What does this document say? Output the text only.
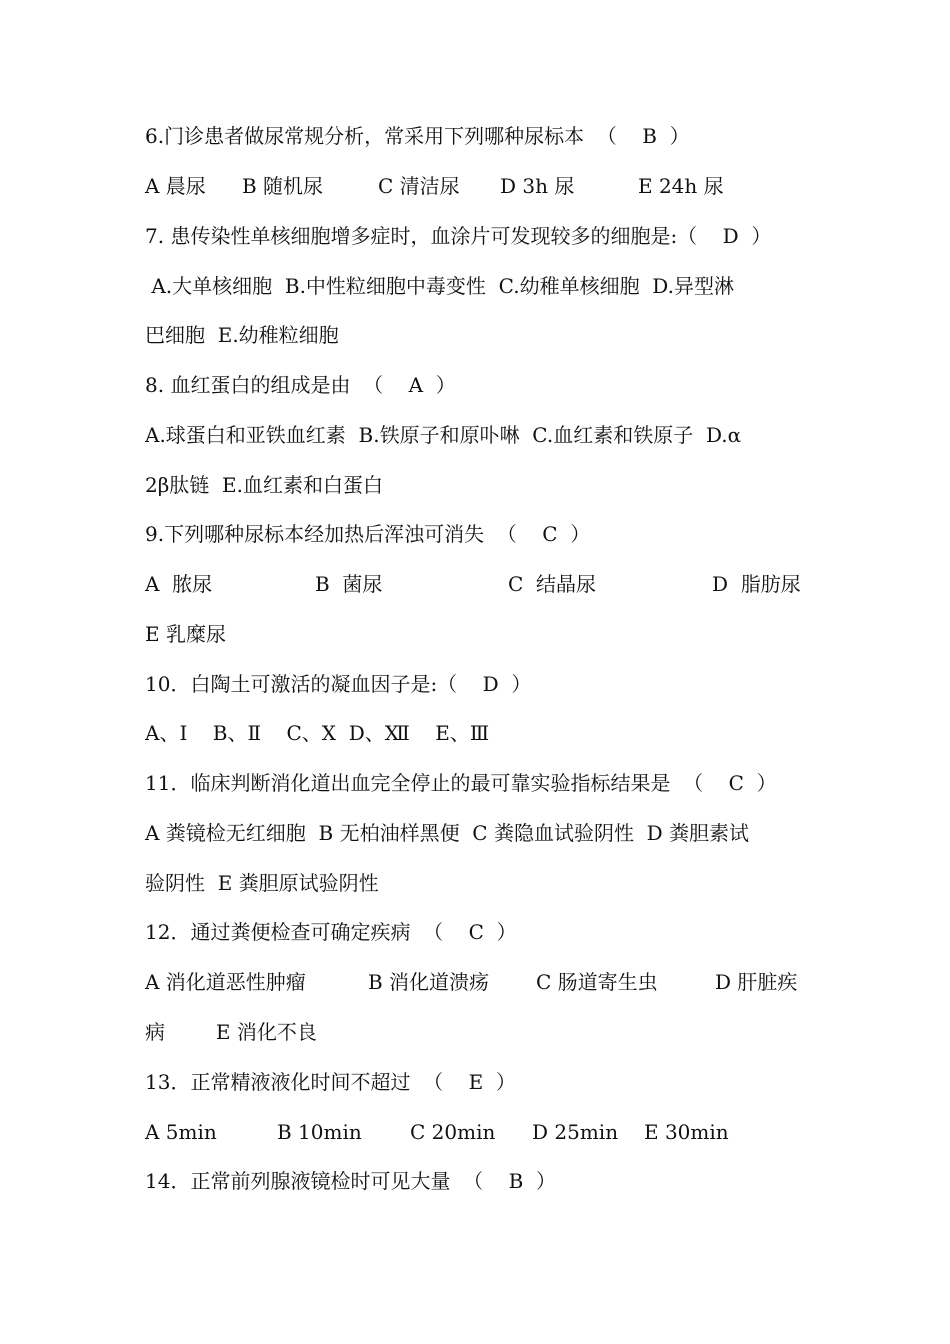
6.门诊患者做尿常规分析，常采用下列哪种尿标本  （    B  ）
A 晨尿 B 随机尿	C 清洁尿 D 3h 尿	E 24h 尿
7. 患传染性单核细胞增多症时，血涂片可发现较多的细胞是:（    D  ）
A.大单核细胞  B.中性粒细胞中毒变性  C.幼稚单核细胞  D.异型淋
巴细胞  E.幼稚粒细胞
8. 血红蛋白的组成是由  （    A  ）
A.球蛋白和亚铁血红素  B.铁原子和原卟啉  C.血红素和铁原子  D.α
2β肽链  E.血红素和白蛋白
9.下列哪种尿标本经加热后浑浊可消失  （    C  ）
A  脓尿	B  菌尿	C  结晶尿	D  脂肪尿
E 乳糜尿
10．白陶土可激活的凝血因子是:（    D  ）
A、I    B、Ⅱ    C、Ⅹ  D、Ⅻ    E、Ⅲ
11．临床判断消化道出血完全停止的最可靠实验指标结果是  （    C  ）
A 粪镜检无红细胞  B 无柏油样黑便  C 粪隐血试验阴性  D 粪胆素试
验阴性  E 粪胆原试验阴性
12．通过粪便检查可确定疾病  （    C  ）
A 消化道恶性肿瘤	B 消化道溃疡 C 肠道寄生虫	D 肝脏疾
病        E 消化不良
13．正常精液液化时间不超过  （    E  ）
A 5min	B 10min C 20min D 25min E 30min
14．正常前列腺液镜检时可见大量  （    B  ）
